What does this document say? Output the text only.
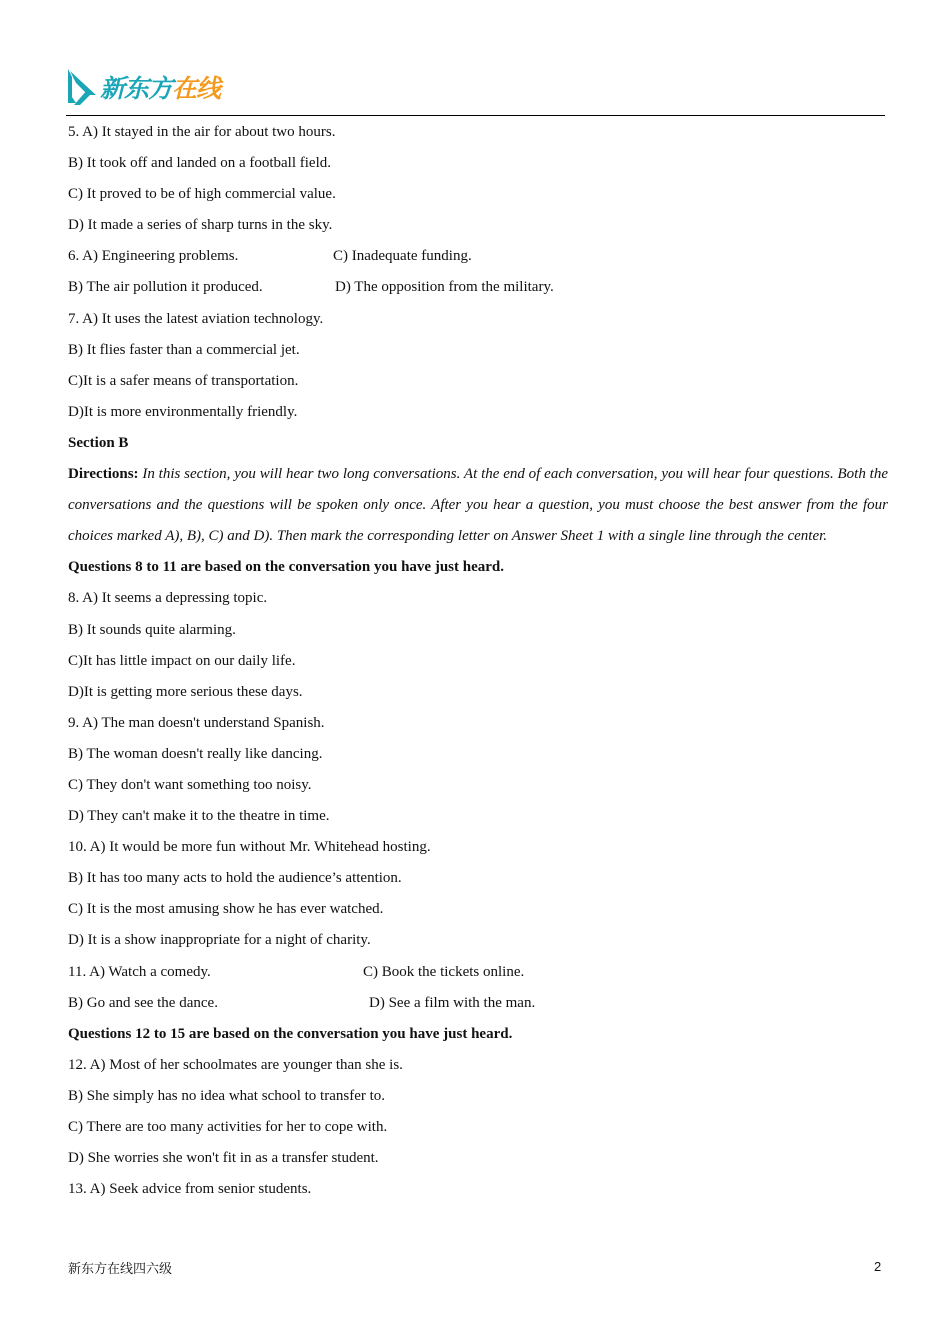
新东方在线
5. A) It stayed in the air for about two hours.
B) It took off and landed on a football field.
C) It proved to be of high commercial value.
D) It made a series of sharp turns in the sky.
6. A) Engineering problems.	C) Inadequate funding.
B) The air pollution it produced.	D) The opposition from the military.
7. A) It uses the latest aviation technology.
B) It flies faster than a commercial jet.
C)It is a safer means of transportation.
D)It is more environmentally friendly.
Section B
Directions: In this section, you will hear two long conversations. At the end of each conversation, you will hear four questions. Both the conversations and the questions will be spoken only once. After you hear a question, you must choose the best answer from the four choices marked A), B), C) and D). Then mark the corresponding letter on Answer Sheet 1 with a single line through the center.
Questions 8 to 11 are based on the conversation you have just heard.
8. A) It seems a depressing topic.
B) It sounds quite alarming.
C)It has little impact on our daily life.
D)It is getting more serious these days.
9. A) The man doesn't understand Spanish.
B) The woman doesn't really like dancing.
C) They don't want something too noisy.
D) They can't make it to the theatre in time.
10. A) It would be more fun without Mr. Whitehead hosting.
B) It has too many acts to hold the audience’s attention.
C) It is the most amusing show he has ever watched.
D) It is a show inappropriate for a night of charity.
11. A) Watch a comedy.	C) Book the tickets online.
B) Go and see the dance.	D) See a film with the man.
Questions 12 to 15 are based on the conversation you have just heard.
12. A) Most of her schoolmates are younger than she is.
B) She simply has no idea what school to transfer to.
C) There are too many activities for her to cope with.
D) She worries she won't fit in as a transfer student.
13. A) Seek advice from senior students.
新东方在线四六级	2
